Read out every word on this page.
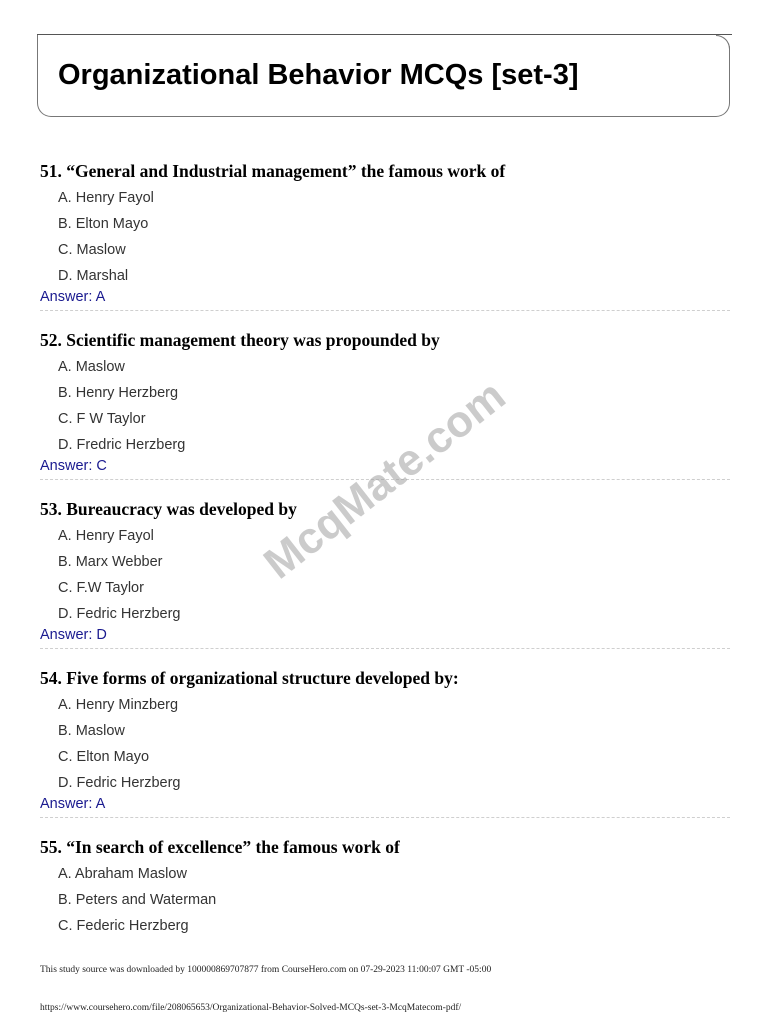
Organizational Behavior MCQs [set-3]
51. “General and Industrial management” the famous work of
A. Henry Fayol
B. Elton Mayo
C. Maslow
D. Marshal
Answer: A
52. Scientific management theory was propounded by
A. Maslow
B. Henry Herzberg
C. F W Taylor
D. Fredric Herzberg
Answer: C
53. Bureaucracy was developed by
A. Henry Fayol
B. Marx Webber
C. F.W Taylor
D. Fedric Herzberg
Answer: D
54. Five forms of organizational structure developed by:
A. Henry Minzberg
B. Maslow
C. Elton Mayo
D. Fedric Herzberg
Answer: A
55. “In search of excellence” the famous work of
A. Abraham Maslow
B. Peters and Waterman
C. Federic Herzberg
McqMate.com
This study source was downloaded by 100000869707877 from CourseHero.com on 07-29-2023 11:00:07 GMT -05:00
https://www.coursehero.com/file/208065653/Organizational-Behavior-Solved-MCQs-set-3-McqMatecom-pdf/
